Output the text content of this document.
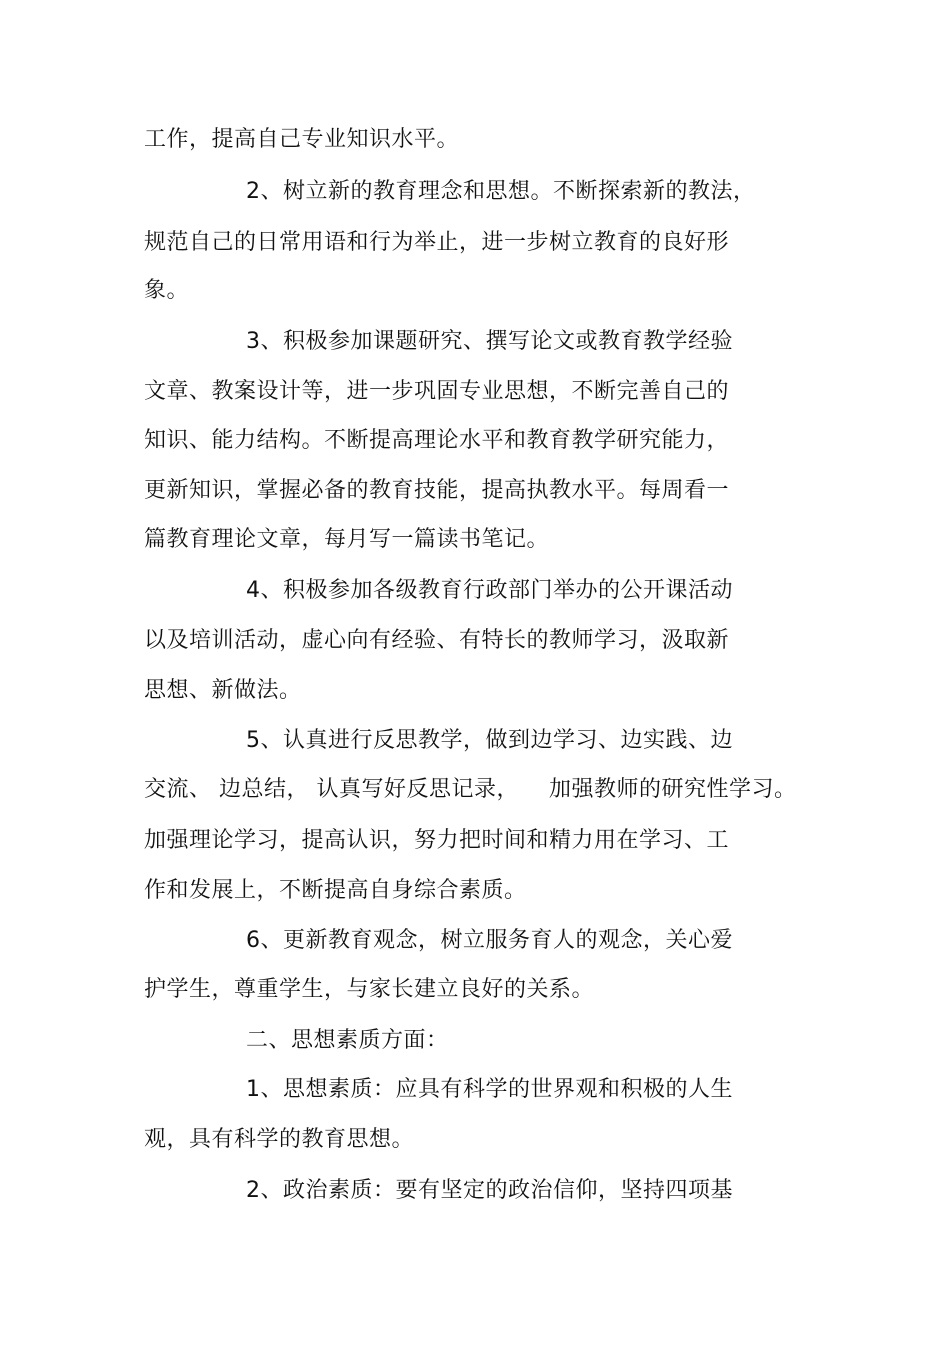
工作，提高自己专业知识水平。
2、树立新的教育理念和思想。不断探索新的教法，
规范自己的日常用语和行为举止，进一步树立教育的良好形
象。
3、积极参加课题研究、撰写论文或教育教学经验
文章、教案设计等，进一步巩固专业思想，不断完善自己的
知识、能力结构。不断提高理论水平和教育教学研究能力，
更新知识，掌握必备的教育技能，提高执教水平。每周看一
篇教育理论文章，每月写一篇读书笔记。
4、积极参加各级教育行政部门举办的公开课活动
以及培训活动，虚心向有经验、有特长的教师学习，汲取新
思想、新做法。
5、认真进行反思教学，做到边学习、边实践、边
交流、 边总结， 认真写好反思记录，    加强教师的研究性学习。
加强理论学习，提高认识，努力把时间和精力用在学习、工
作和发展上，不断提高自身综合素质。
6、更新教育观念，树立服务育人的观念，关心爱
护学生，尊重学生，与家长建立良好的关系。
二、思想素质方面：
1、思想素质：应具有科学的世界观和积极的人生
观，具有科学的教育思想。
2、政治素质：要有坚定的政治信仰，坚持四项基
